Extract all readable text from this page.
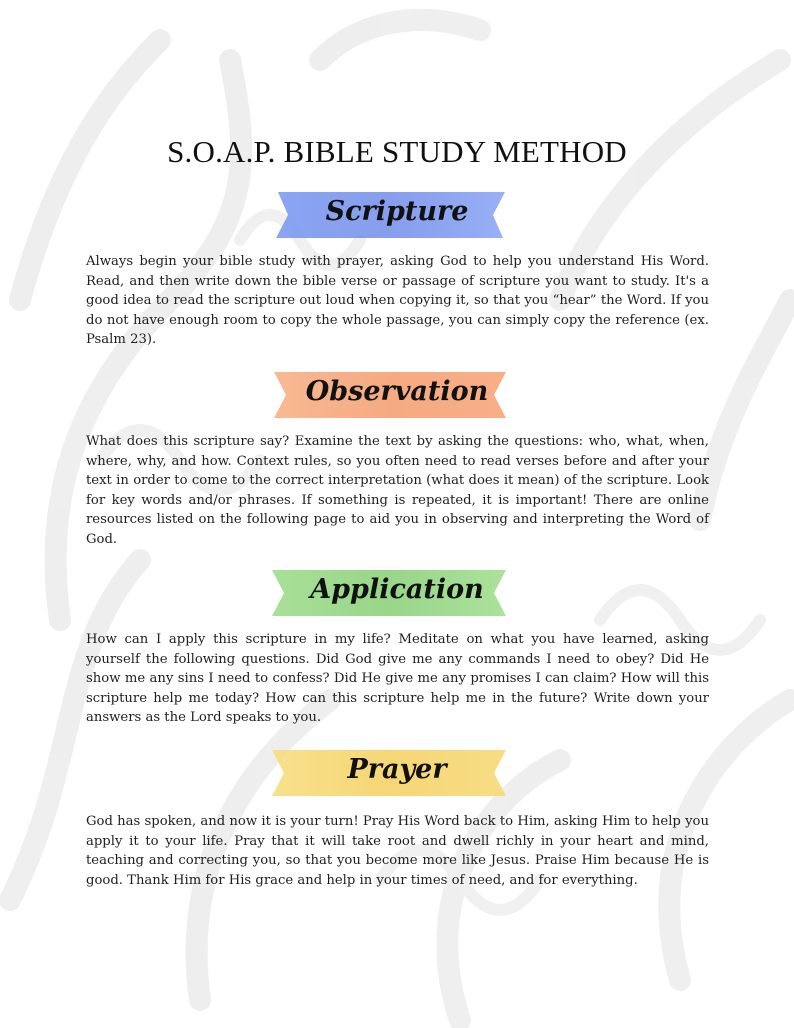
S.O.A.P. BIBLE STUDY METHOD
Scripture
Always begin your bible study with prayer, asking God to help you understand His Word. Read, and then write down the bible verse or passage of scripture you want to study. It's a good idea to read the scripture out loud when copying it, so that you “hear” the Word. If you do not have enough room to copy the whole passage, you can simply copy the reference (ex. Psalm 23).
Observation
What does this scripture say? Examine the text by asking the questions: who, what, when, where, why, and how. Context rules, so you often need to read verses before and after your text in order to come to the correct interpretation (what does it mean) of the scripture. Look for key words and/or phrases. If something is repeated, it is important! There are online resources listed on the following page to aid you in observing and interpreting the Word of God.
Application
How can I apply this scripture in my life? Meditate on what you have learned, asking yourself the following questions. Did God give me any commands I need to obey? Did He show me any sins I need to confess? Did He give me any promises I can claim? How will this scripture help me today? How can this scripture help me in the future? Write down your answers as the Lord speaks to you.
Prayer
God has spoken, and now it is your turn! Pray His Word back to Him, asking Him to help you apply it to your life. Pray that it will take root and dwell richly in your heart and mind, teaching and correcting you, so that you become more like Jesus. Praise Him because He is good. Thank Him for His grace and help in your times of need, and for everything.
